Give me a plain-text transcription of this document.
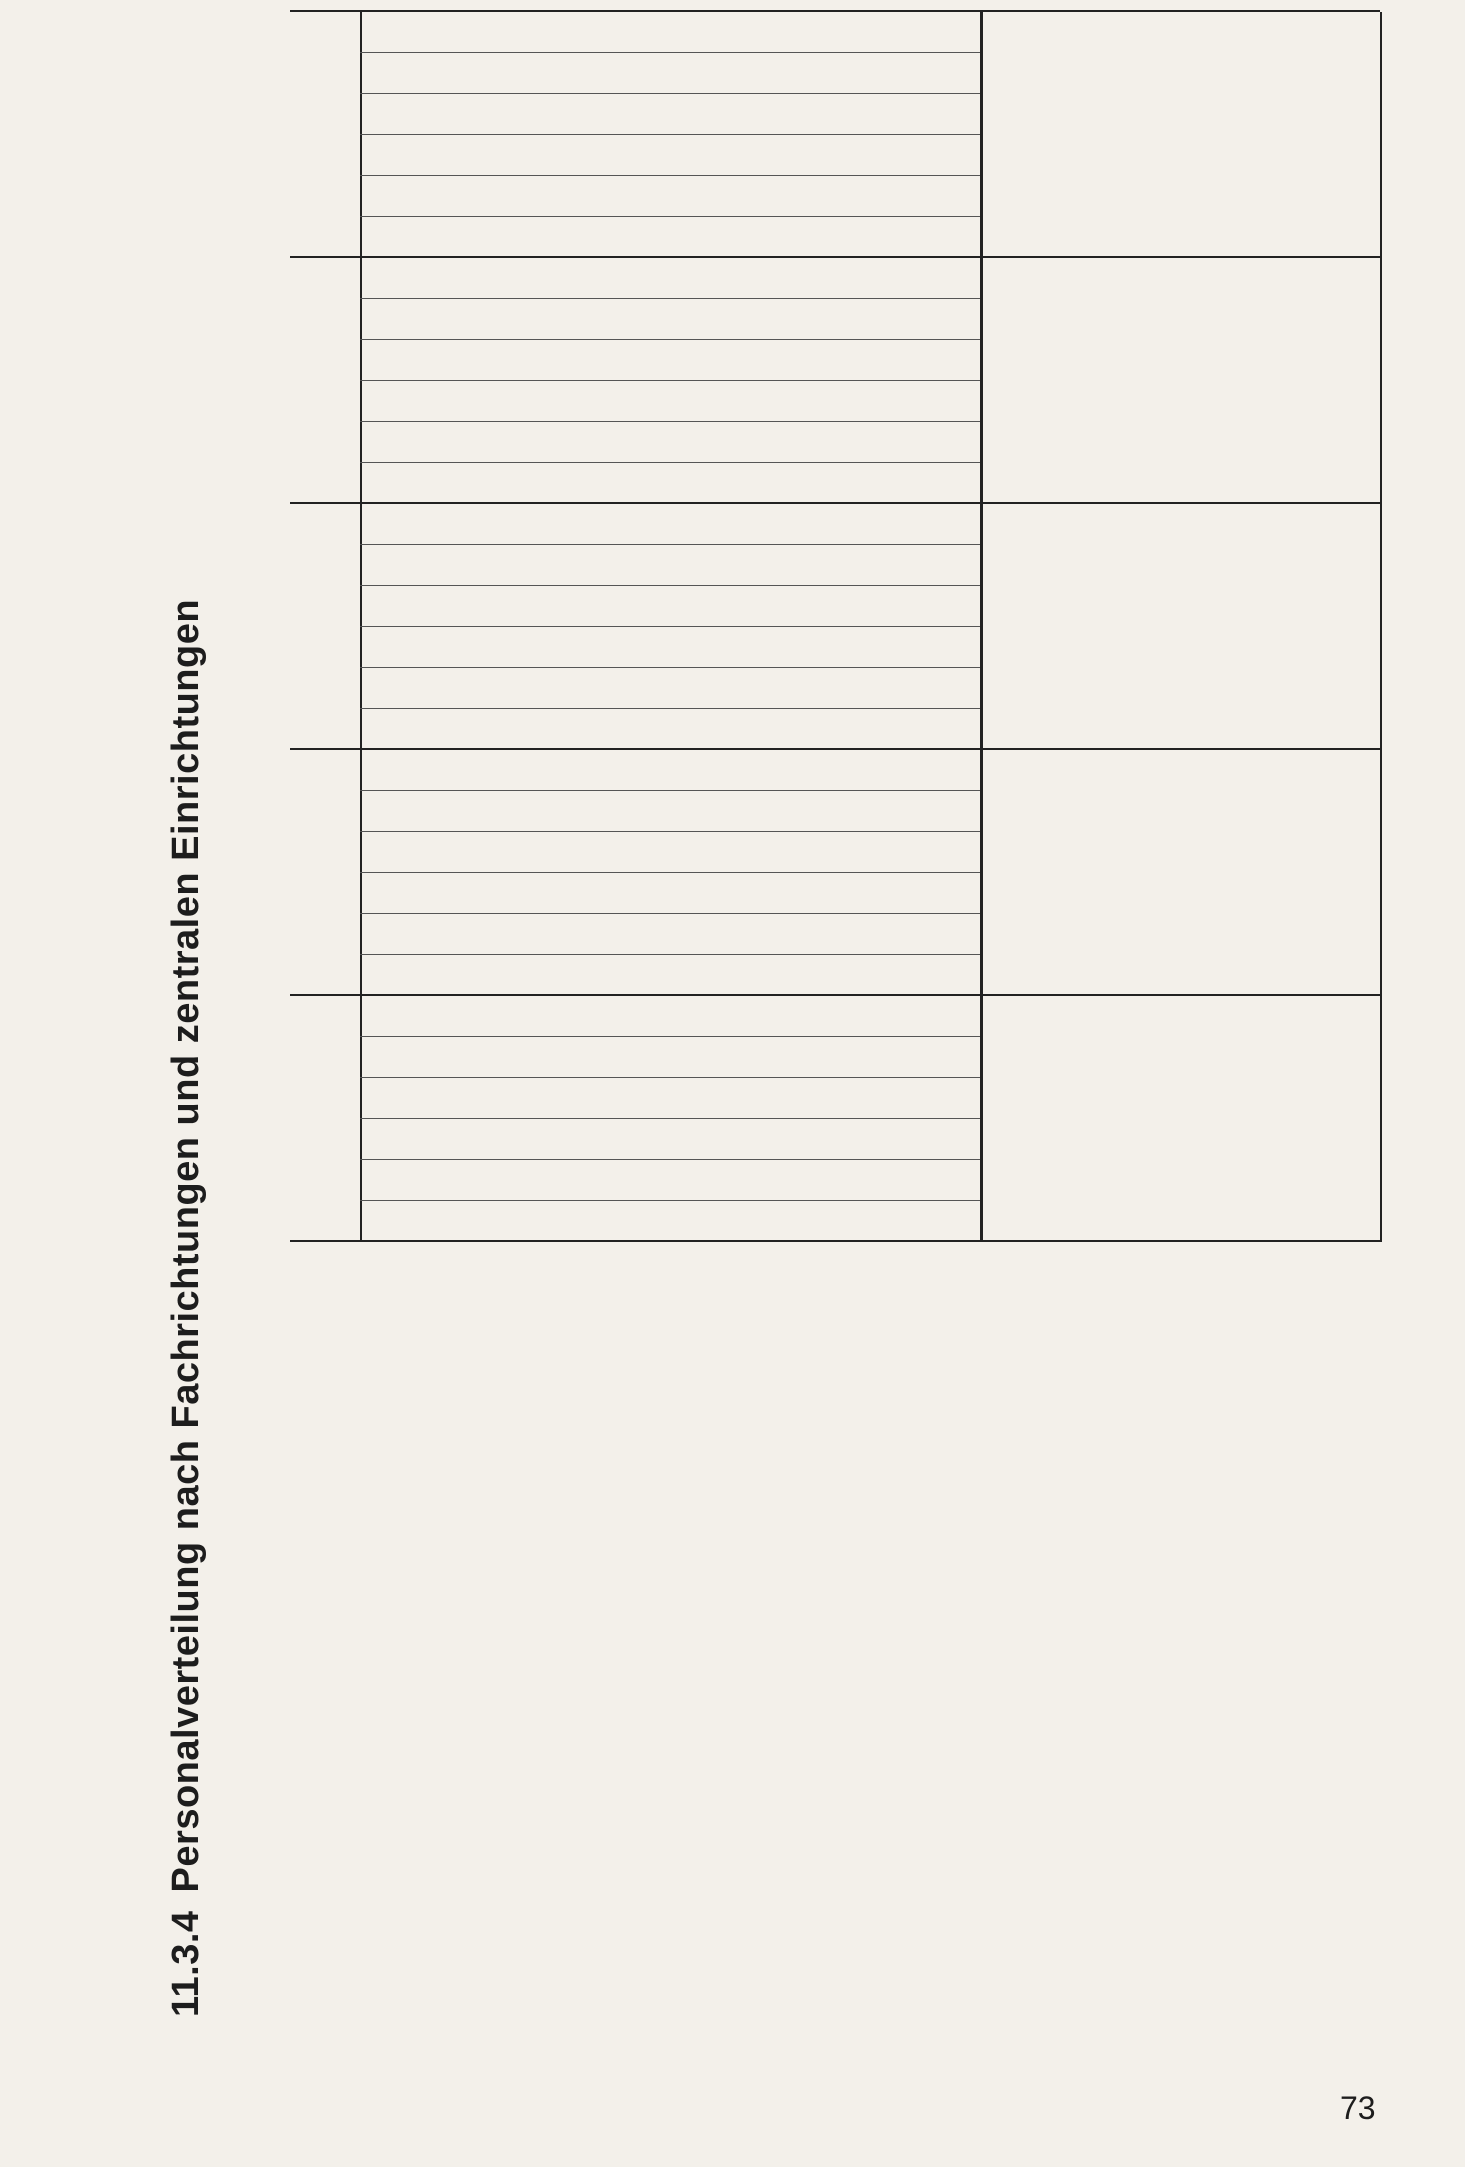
11.3.4Personalverteilung nach Fachrichtungen und zentralen Einrichtungen
73
